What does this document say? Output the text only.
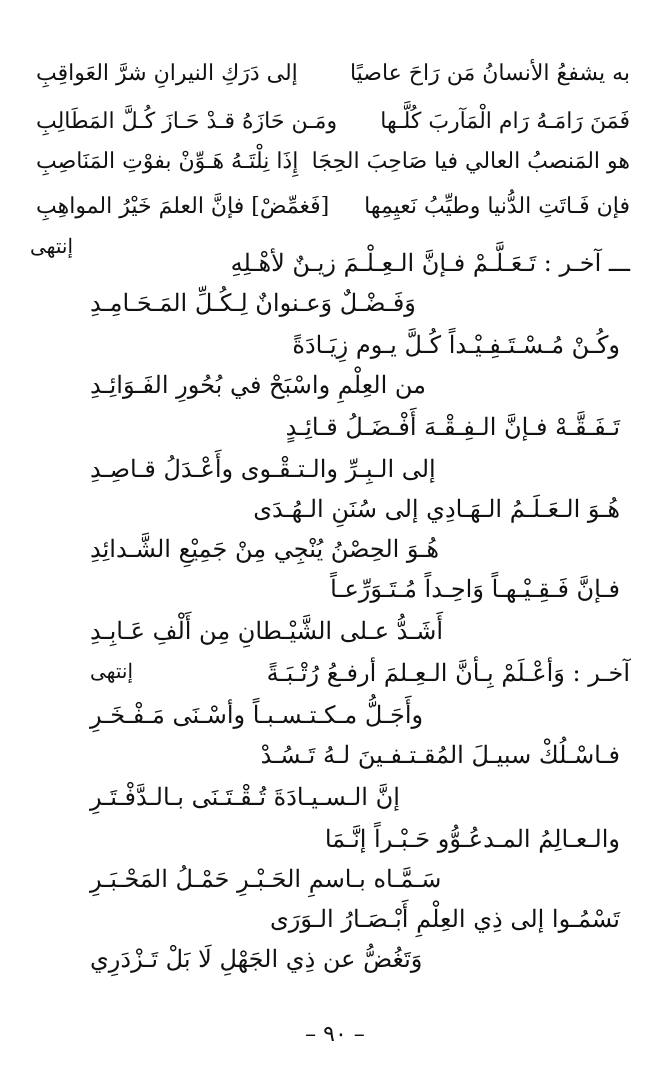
به يشفعُ الأنسانُ مَن رَاحَ عاصيًا
إلى دَرَكِ النيرانِ شرَّ العَواقِبِ
فَمَنَ رَامَـهُ رَام الْمَآربَ كُلَّـها
ومَـن حَازَهُ قـدْ حَـازَ كُـلَّ المَطَالِبِ
هو المَنصبُ العالي فيا صَاحِبَ الحِجَا
إِذَا نِلْتَـهُ هَـوِّنْ بفوْتِ المَنَاصِبِ
فإن فَـاتَتِ الدُّنيا وطيِّبُ نَعيِمِها
[فَغمِّضْ] فإنَّ العلمَ خَيْرُ المواهِبِ
إنتهى
ـــ آخـر : تَـعَـلَّـمْ فـإنَّ الـعِـلْـمَ زيـنٌ لأهْـلِهِ
وَفَـضْـلٌ وَعـنوانٌ لِـكُـلِّ المَـحَـامِـدِ
وكُـنْ مُـسْـتَـفِـيْـداً كُـلَّ يـوم زِيَـادَةً
من العِلْمِ واسْبَحْ في بُحُورِ الفَـوَائِـدِ
تَـفَـقَّـهْ فـإنَّ الـفِـقْـهَ أَفْـضَـلُ قـائِـدٍ
إلى الـبِـرِّ والـتـقْـوى وأَعْـدَلُ قـاصِـدِ
هُـوَ الـعَـلَـمُ الـهَـادِي إلى سُنَنِ الـهُـدَى
هُـوَ الحِصْنُ يُنْجِي مِنْ جَمِيْعِ الشَّـدائِدِ
فـإنَّ فَـقِـيْـهـاً وَاحِـداً مُـتَـوَرِّعـاً
أَشَـدُّ عـلى الشَّيْـطانِ مِن أَلْفِ عَـابِـدِ
آخـر : وَأعْـلَمْ بِـأنَّ الـعِـلمَ أرفـعُ رُتْـبَـةً
وأَجَـلُّ مـكـتـسـبـاً وأسْـنَى مَـفْـخَـرِ
فـاسْـلُكْ سبيـلَ المُقـتـفـينَ لـهُ تَـسُـدْ
إنَّ الـسـيـادَةَ تُـقْـتَـنَى بـالـدَّفْـتَـرِ
والـعـالِمُ المـدعُـوُّو حَـبْـراً إنَّـمَا
سَـمَّـاه بـاسمِ الحَـبْـرِ حَمْـلُ المَحْـبَـرِ
تَسْمُـوا إلى ذِي العِلْمِ أَبْـصَـارُ الـوَرَى
وَتَغُضُّ عن ذِي الجَهْلِ لَا بَلْ تَـزْدَرِي
إنتهى
– ٩٠ –
